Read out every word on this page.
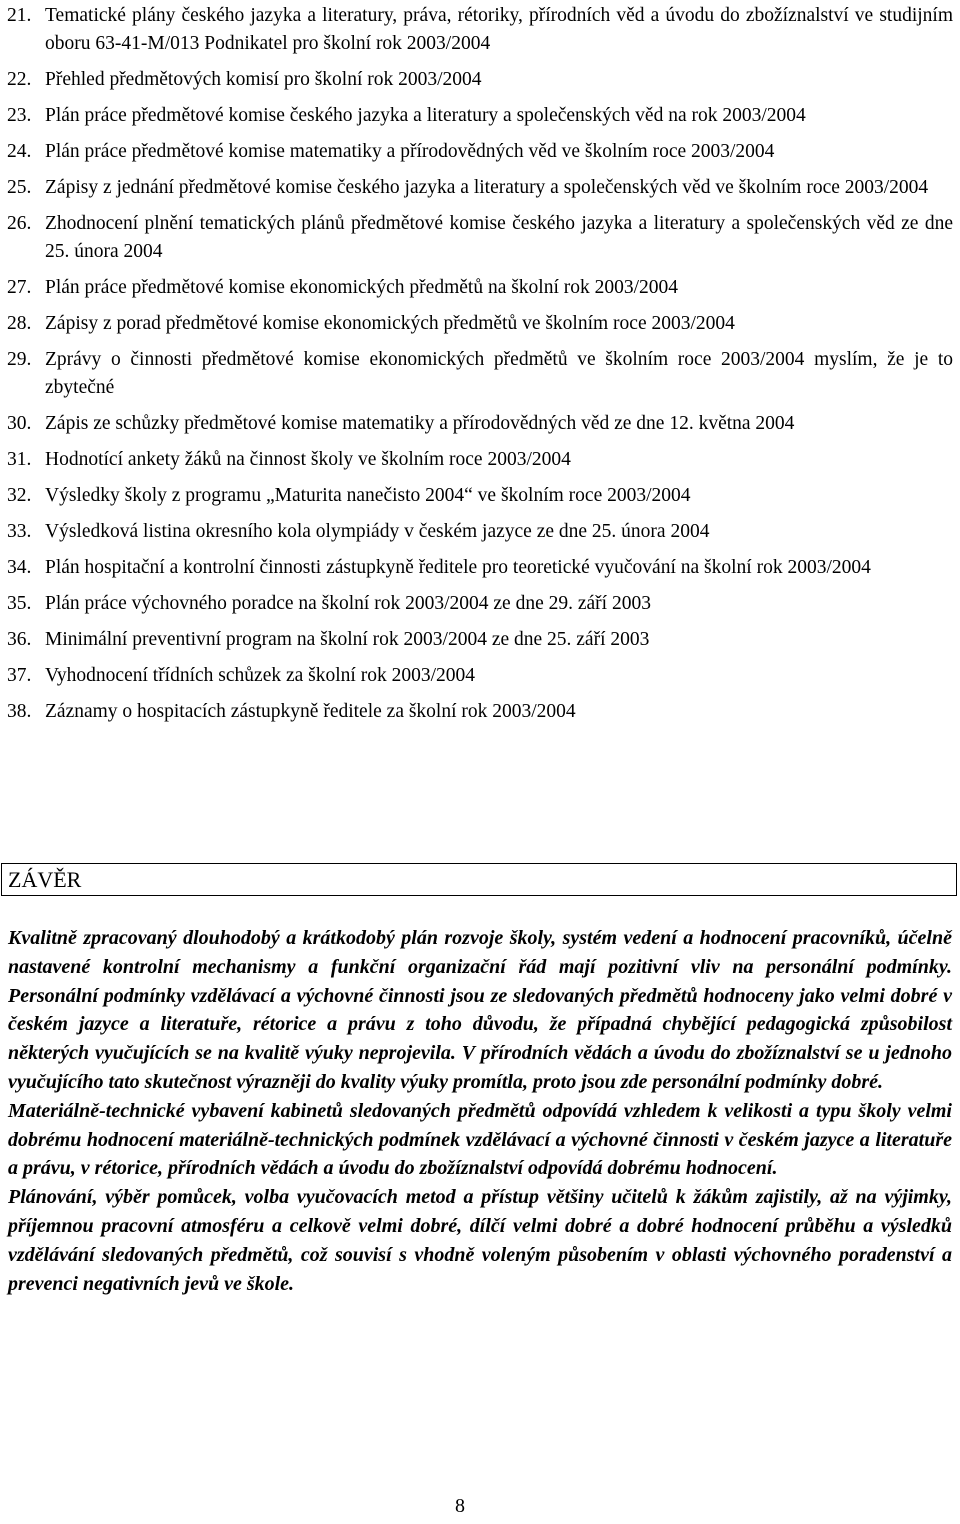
21. Tematické plány českého jazyka a literatury, práva, rétoriky, přírodních věd a úvodu do zbožíznalství ve studijním oboru 63-41-M/013 Podnikatel pro školní rok 2003/2004
22. Přehled předmětových komisí pro školní rok 2003/2004
23. Plán práce předmětové komise českého jazyka a literatury a společenských věd na rok 2003/2004
24. Plán práce předmětové komise matematiky a přírodovědných věd ve školním roce 2003/2004
25. Zápisy z jednání předmětové komise českého jazyka a literatury a společenských věd ve školním roce 2003/2004
26. Zhodnocení plnění tematických plánů předmětové komise českého jazyka a literatury a společenských věd ze dne 25. února 2004
27. Plán práce předmětové komise ekonomických předmětů na školní rok 2003/2004
28. Zápisy z porad předmětové komise ekonomických předmětů ve školním roce 2003/2004
29. Zprávy o činnosti předmětové komise ekonomických předmětů ve školním roce 2003/2004 myslím, že je to zbytečné
30. Zápis ze schůzky předmětové komise matematiky a přírodovědných věd ze dne 12. května 2004
31. Hodnotící ankety žáků na činnost školy ve školním roce 2003/2004
32. Výsledky školy z programu „Maturita nanečisto 2004“ ve školním roce 2003/2004
33. Výsledková listina okresního kola olympiády v českém jazyce ze dne 25. února 2004
34. Plán hospitační a kontrolní činnosti zástupkyně ředitele pro teoretické vyučování na školní rok 2003/2004
35. Plán práce výchovného poradce na školní rok 2003/2004 ze dne 29. září 2003
36. Minimální preventivní program na školní rok 2003/2004 ze dne 25. září 2003
37. Vyhodnocení třídních schůzek za školní rok 2003/2004
38. Záznamy o hospitacích zástupkyně ředitele za školní rok 2003/2004
ZÁVĚR

Kvalitně zpracovaný dlouhodobý a krátkodobý plán rozvoje školy, systém vedení a hodnocení pracovníků, účelně nastavené kontrolní mechanismy a funkční organizační řád mají pozitivní vliv na personální podmínky. Personální podmínky vzdělávací a výchovné činnosti jsou ze sledovaných předmětů hodnoceny jako velmi dobré v českém jazyce a literatuře, rétorice a právu z toho důvodu, že případná chybějící pedagogická způsobilost některých vyučujících se na kvalitě výuky neprojevila. V přírodních vědách a úvodu do zbožíznalství se u jednoho vyučujícího tato skutečnost výrazněji do kvality výuky promítla, proto jsou zde personální podmínky dobré.

Materiálně-technické vybavení kabinetů sledovaných předmětů odpovídá vzhledem k velikosti a typu školy velmi dobrému hodnocení materiálně-technických podmínek vzdělávací a výchovné činnosti v českém jazyce a literatuře a právu, v rétorice, přírodních vědách a úvodu do zbožíznalství odpovídá dobrému hodnocení.

Plánování, výběr pomůcek, volba vyučovacích metod a přístup většiny učitelů k žákům zajistily, až na výjimky, příjemnou pracovní atmosféru a celkově velmi dobré, dílčí velmi dobré a dobré hodnocení průběhu a výsledků vzdělávání sledovaných předmětů, což souvisí s vhodně voleným působením v oblasti výchovného poradenství a prevenci negativních jevů ve škole.

8
